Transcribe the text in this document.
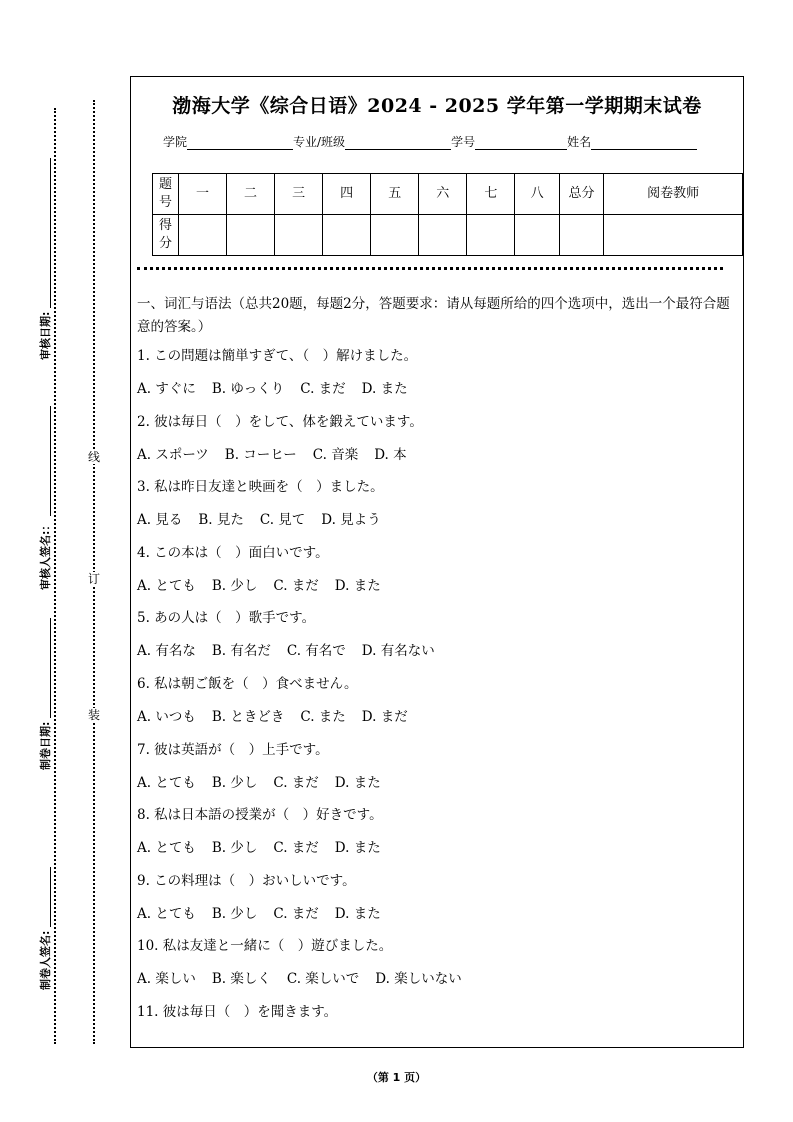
线
订
装
审核日期:
审核人签名:：
制卷日期:
制卷人签名:
渤海大学《综合日语》2024 - 2025 学年第一学期期末试卷
学院	专业/班级	学号	姓名
题号	一	二	三	四	五	六	七	八	总分	阅卷教师
得分										
一、词汇与语法（总共20题，每题2分，答题要求：请从每题所给的四个选项中，选出一个最符合题意的答案。）
1. この問題は簡単すぎて、（　）解けました。
A. すぐに B. ゆっくり C. まだ D. また
2. 彼は毎日（　）をして、体を鍛えています。
A. スポーツ B. コーヒー C. 音楽 D. 本
3. 私は昨日友達と映画を（　）ました。
A. 見る B. 見た C. 見て D. 見よう
4. この本は（　）面白いです。
A. とても B. 少し C. まだ D. また
5. あの人は（　）歌手です。
A. 有名な B. 有名だ C. 有名で D. 有名ない
6. 私は朝ご飯を（　）食べません。
A. いつも B. ときどき C. また D. まだ
7. 彼は英語が（　）上手です。
A. とても B. 少し C. まだ D. また
8. 私は日本語の授業が（　）好きです。
A. とても B. 少し C. まだ D. また
9. この料理は（　）おいしいです。
A. とても B. 少し C. まだ D. また
10. 私は友達と一緒に（　）遊びました。
A. 楽しい B. 楽しく C. 楽しいで D. 楽しいない
11. 彼は毎日（　）を聞きます。
（第 1 页）
